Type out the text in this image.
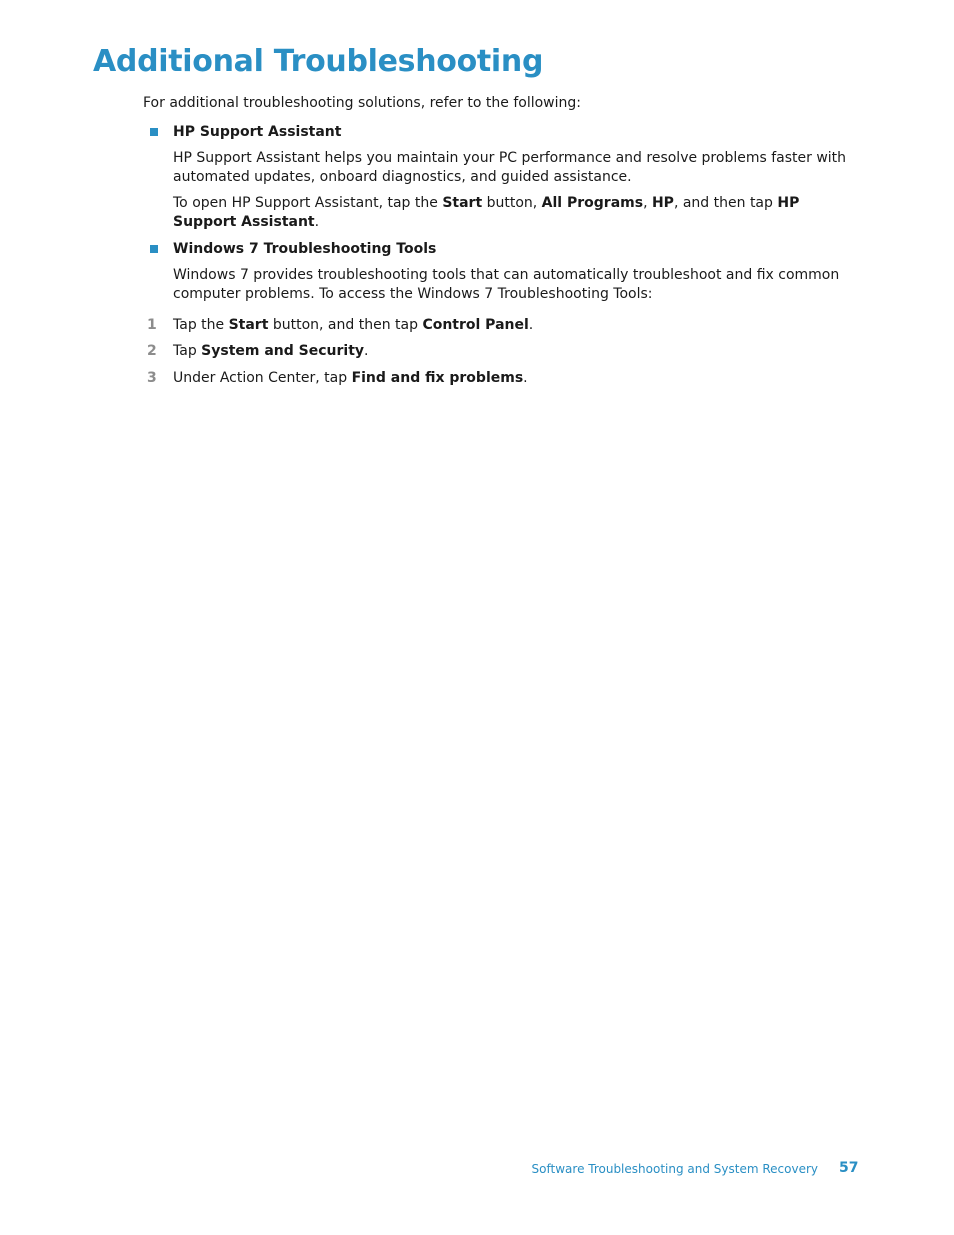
Additional Troubleshooting
For additional troubleshooting solutions, refer to the following:
HP Support Assistant
HP Support Assistant helps you maintain your PC performance and resolve problems faster with automated updates, onboard diagnostics, and guided assistance.
To open HP Support Assistant, tap the Start button, All Programs, HP, and then tap HP Support Assistant.
Windows 7 Troubleshooting Tools
Windows 7 provides troubleshooting tools that can automatically troubleshoot and fix common computer problems. To access the Windows 7 Troubleshooting Tools:
1 Tap the Start button, and then tap Control Panel.
2 Tap System and Security.
3 Under Action Center, tap Find and fix problems.
Software Troubleshooting and System Recovery 57
